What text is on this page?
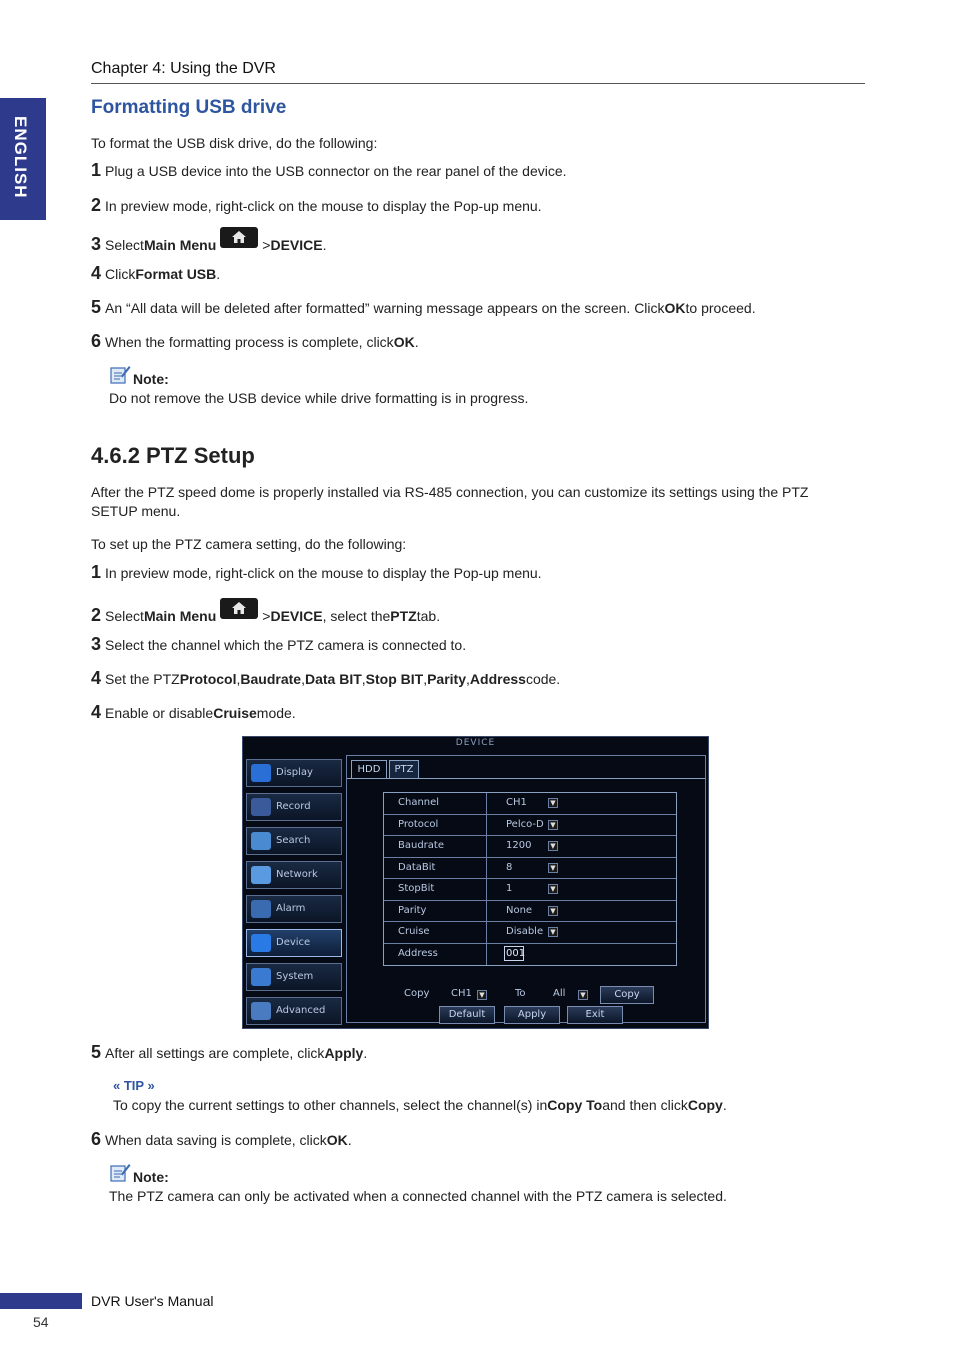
Chapter 4: Using the DVR
ENGLISH
Formatting USB drive
To format the USB disk drive, do the following:
1 Plug a USB device into the USB connector on the rear panel of the device.
2 In preview mode, right-click on the mouse to display the Pop-up menu.
3 Select Main Menu	> DEVICE .
4 Click Format USB .
5 An “All data will be deleted after formatted” warning message appears on the screen. Click OK to proceed.
6 When the formatting process is complete, click OK .
Note:
Do not remove the USB device while drive formatting is in progress.
4.6.2 PTZ Setup
After the PTZ speed dome is properly installed via RS-485 connection, you can customize its settings using the PTZ
SETUP menu.
To set up the PTZ camera setting, do the following:
1 In preview mode, right-click on the mouse to display the Pop-up menu.
2 Select Main Menu	> DEVICE , select the PTZ tab.
3 Select the channel which the PTZ camera is connected to.
4 Set the PTZ Protocol , Baudrate , Data BIT , Stop BIT , Parity , Address code.
4 Enable or disable Cruise mode.
DEVICE
Display
Record
Search
Network
Alarm
Device
System
Advanced
HDD	PTZ
Channel	CH1	▼
Protocol	Pelco-D ▼
Baudrate	1200	▼
DataBit	8	▼
StopBit	1	▼
Parity	None	▼
Cruise	Disable	▼
Address	001
Copy CH1	▼	To	All	▼	Copy
Default	Apply	Exit
5 After all settings are complete, click Apply .
« TIP »
To copy the current settings to other channels, select the channel(s) in Copy To and then click Copy .
6 When data saving is complete, click OK .
Note:
The PTZ camera can only be activated when a connected channel with the PTZ camera is selected.
DVR User's Manual
54
